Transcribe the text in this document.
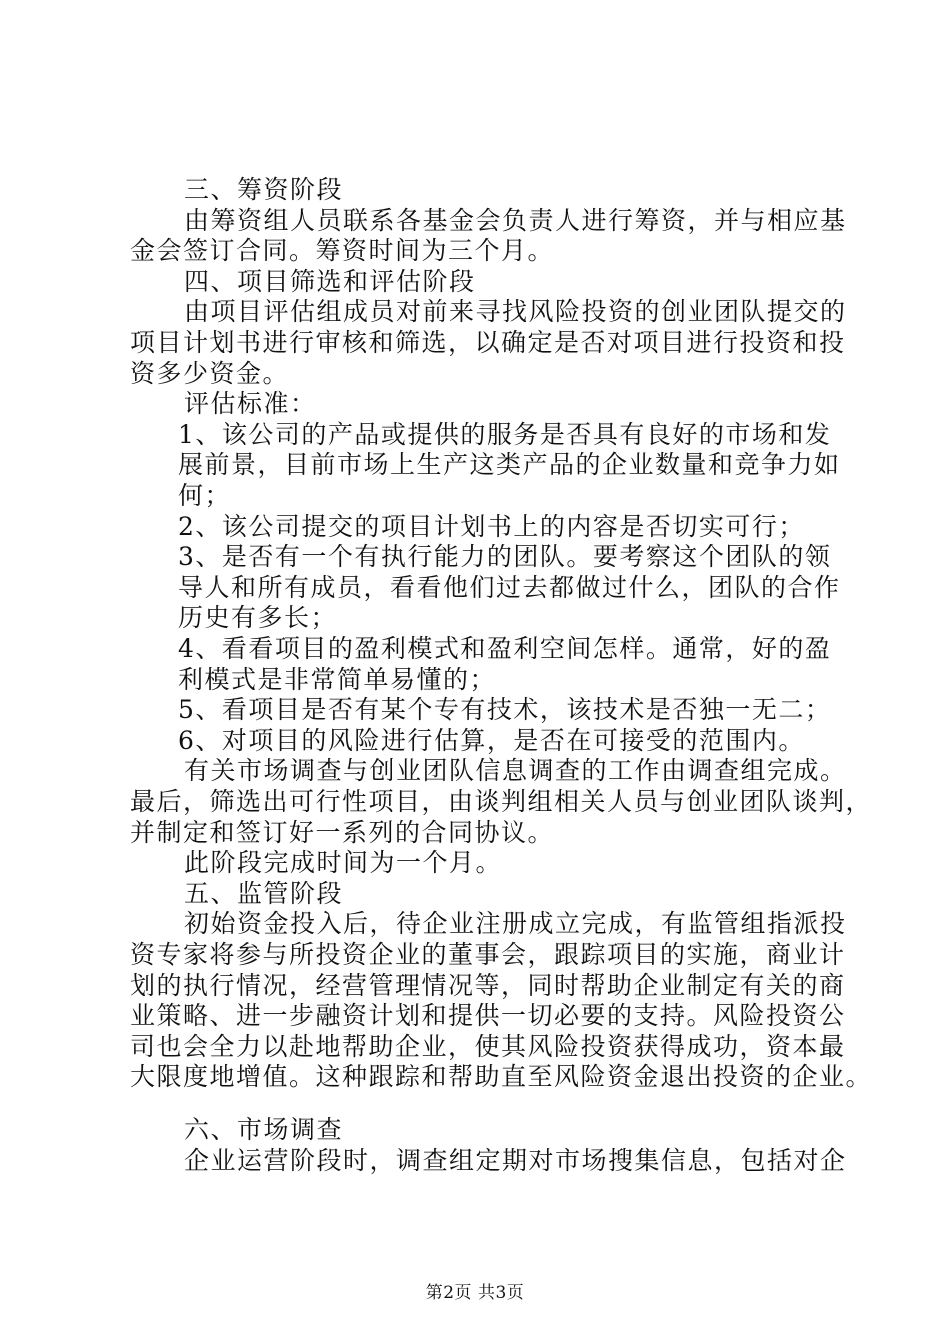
三、筹资阶段
由筹资组人员联系各基金会负责人进行筹资，并与相应基
金会签订合同。筹资时间为三个月。
四、项目筛选和评估阶段
由项目评估组成员对前来寻找风险投资的创业团队提交的
项目计划书进行审核和筛选，以确定是否对项目进行投资和投
资多少资金。
评估标准：
1、该公司的产品或提供的服务是否具有良好的市场和发
展前景，目前市场上生产这类产品的企业数量和竞争力如
何；
2、该公司提交的项目计划书上的内容是否切实可行；
3、是否有一个有执行能力的团队。要考察这个团队的领
导人和所有成员，看看他们过去都做过什么，团队的合作
历史有多长；
4、看看项目的盈利模式和盈利空间怎样。通常，好的盈
利模式是非常简单易懂的；
5、看项目是否有某个专有技术，该技术是否独一无二；
6、对项目的风险进行估算，是否在可接受的范围内。
有关市场调查与创业团队信息调查的工作由调查组完成。
最后，筛选出可行性项目，由谈判组相关人员与创业团队谈判，
并制定和签订好一系列的合同协议。
此阶段完成时间为一个月。
五、监管阶段
初始资金投入后，待企业注册成立完成，有监管组指派投
资专家将参与所投资企业的董事会，跟踪项目的实施，商业计
划的执行情况，经营管理情况等，同时帮助企业制定有关的商
业策略、进一步融资计划和提供一切必要的支持。风险投资公
司也会全力以赴地帮助企业，使其风险投资获得成功，资本最
大限度地增值。这种跟踪和帮助直至风险资金退出投资的企业。
六、市场调查
企业运营阶段时，调查组定期对市场搜集信息，包括对企
第2页 共3页
